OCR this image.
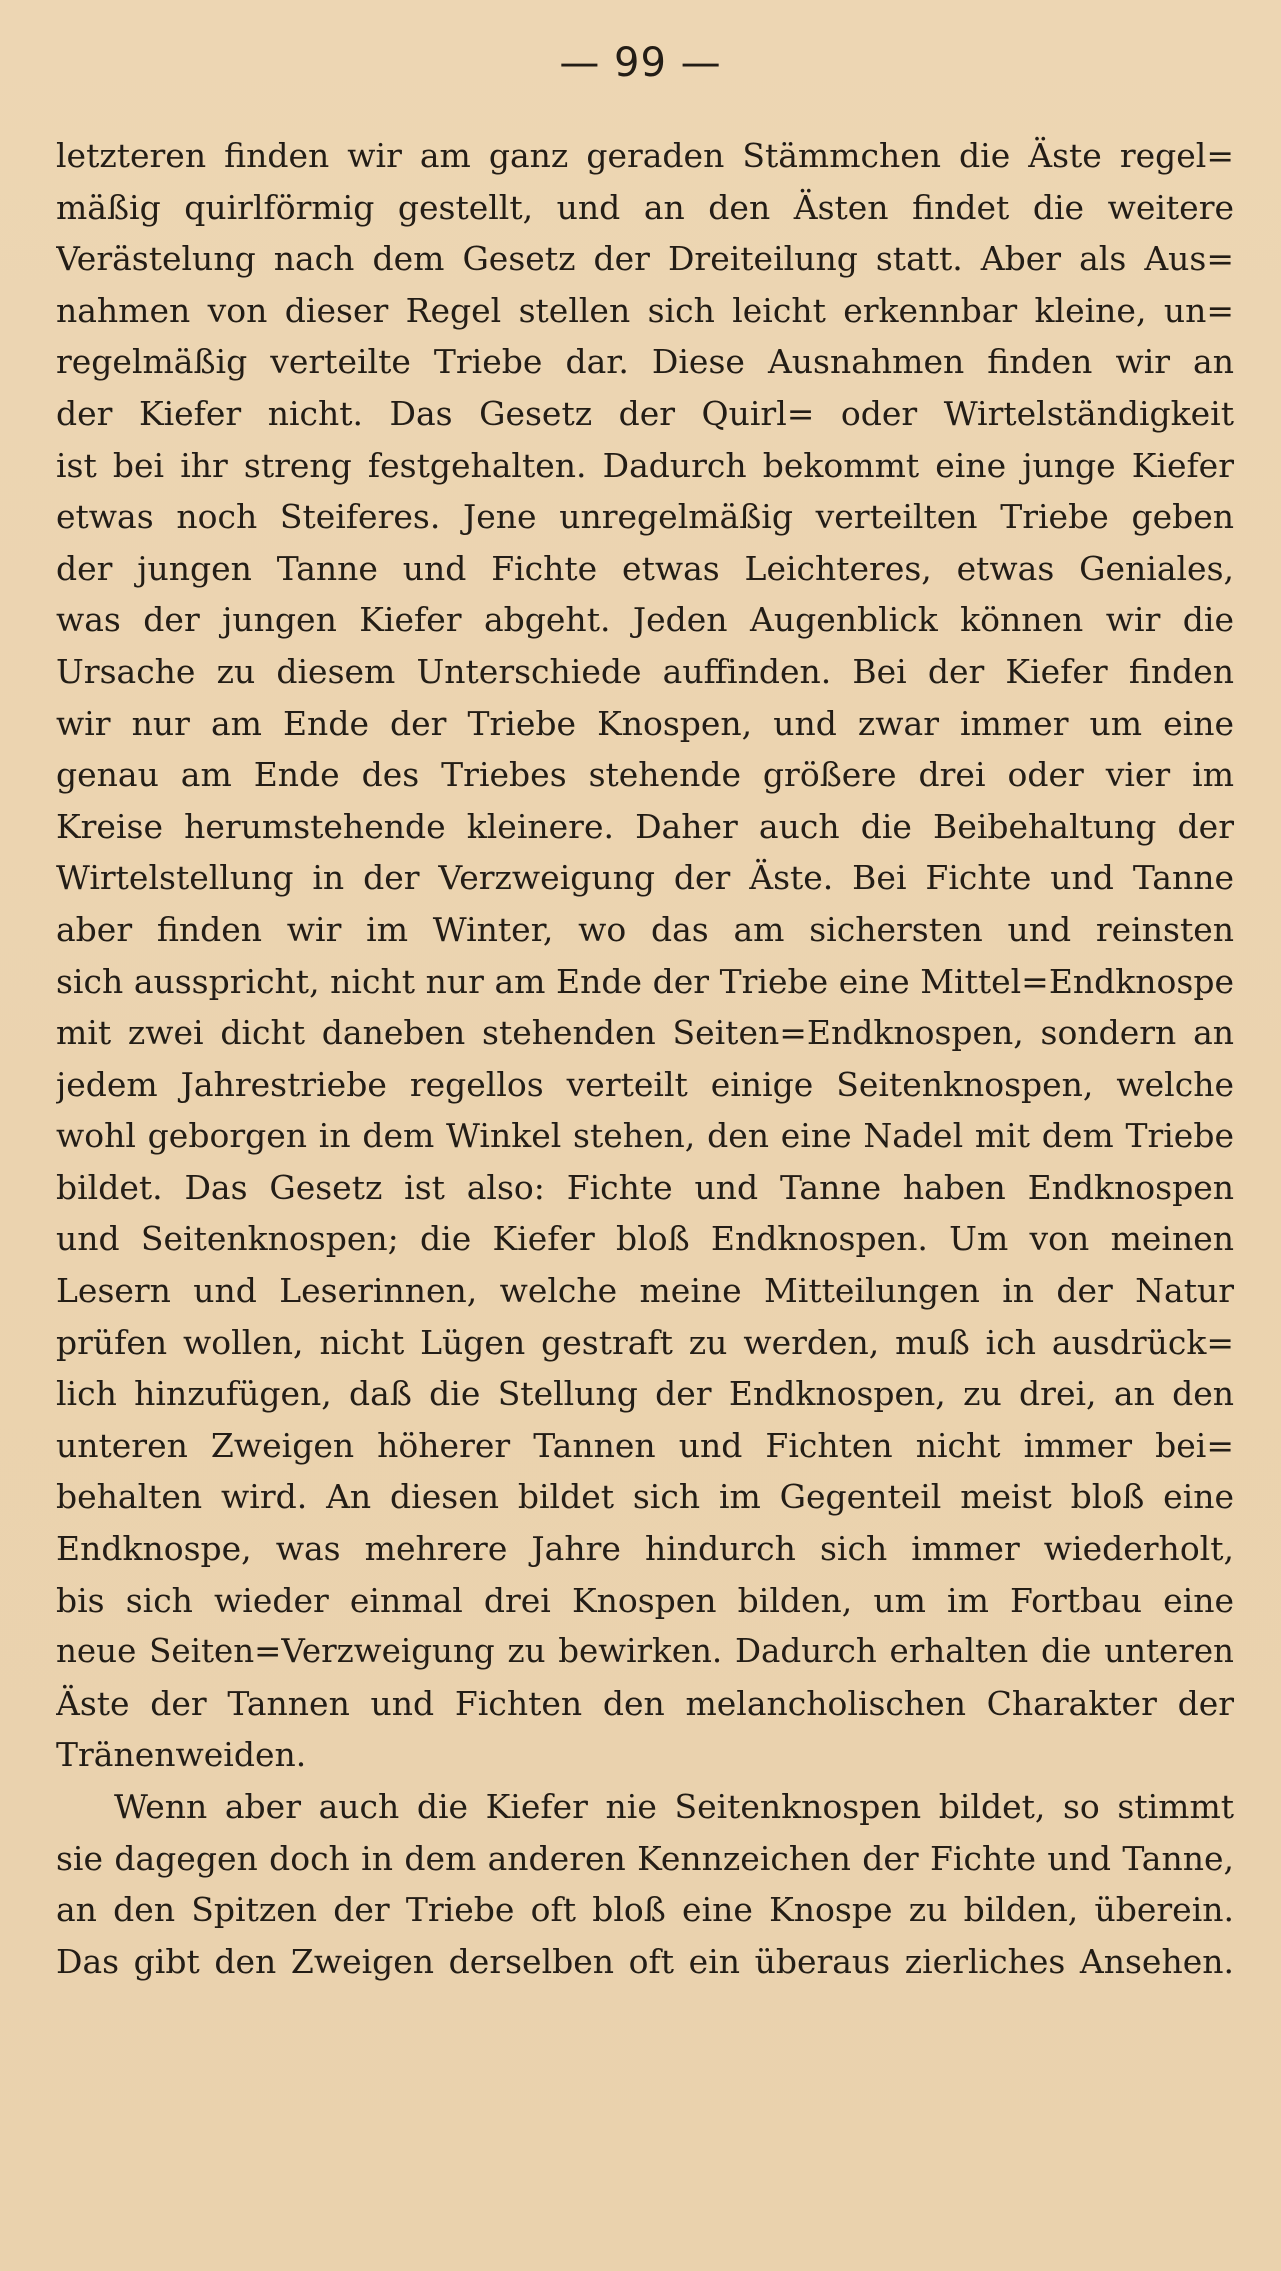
— 99 —
letzteren finden wir am ganz geraden Stämmchen die Äste regel=
mäßig quirlförmig gestellt, und an den Ästen findet die weitere
Verästelung nach dem Gesetz der Dreiteilung statt. Aber als Aus=
nahmen von dieser Regel stellen sich leicht erkennbar kleine, un=
regelmäßig verteilte Triebe dar. Diese Ausnahmen finden wir an
der Kiefer nicht. Das Gesetz der Quirl= oder Wirtelständigkeit
ist bei ihr streng festgehalten. Dadurch bekommt eine junge Kiefer
etwas noch Steiferes. Jene unregelmäßig verteilten Triebe geben
der jungen Tanne und Fichte etwas Leichteres, etwas Geniales,
was der jungen Kiefer abgeht. Jeden Augenblick können wir die
Ursache zu diesem Unterschiede auffinden. Bei der Kiefer finden
wir nur am Ende der Triebe Knospen, und zwar immer um eine
genau am Ende des Triebes stehende größere drei oder vier im
Kreise herumstehende kleinere. Daher auch die Beibehaltung der
Wirtelstellung in der Verzweigung der Äste. Bei Fichte und Tanne
aber finden wir im Winter, wo das am sichersten und reinsten
sich ausspricht, nicht nur am Ende der Triebe eine Mittel=Endknospe
mit zwei dicht daneben stehenden Seiten=Endknospen, sondern an
jedem Jahrestriebe regellos verteilt einige Seitenknospen, welche
wohl geborgen in dem Winkel stehen, den eine Nadel mit dem Triebe
bildet. Das Gesetz ist also: Fichte und Tanne haben Endknospen
und Seitenknospen; die Kiefer bloß Endknospen. Um von meinen
Lesern und Leserinnen, welche meine Mitteilungen in der Natur
prüfen wollen, nicht Lügen gestraft zu werden, muß ich ausdrück=
lich hinzufügen, daß die Stellung der Endknospen, zu drei, an den
unteren Zweigen höherer Tannen und Fichten nicht immer bei=
behalten wird. An diesen bildet sich im Gegenteil meist bloß eine
Endknospe, was mehrere Jahre hindurch sich immer wiederholt,
bis sich wieder einmal drei Knospen bilden, um im Fortbau eine
neue Seiten=Verzweigung zu bewirken. Dadurch erhalten die unteren
Äste der Tannen und Fichten den melancholischen Charakter der
Tränenweiden.
Wenn aber auch die Kiefer nie Seitenknospen bildet, so stimmt
sie dagegen doch in dem anderen Kennzeichen der Fichte und Tanne,
an den Spitzen der Triebe oft bloß eine Knospe zu bilden, überein.
Das gibt den Zweigen derselben oft ein überaus zierliches Ansehen.
